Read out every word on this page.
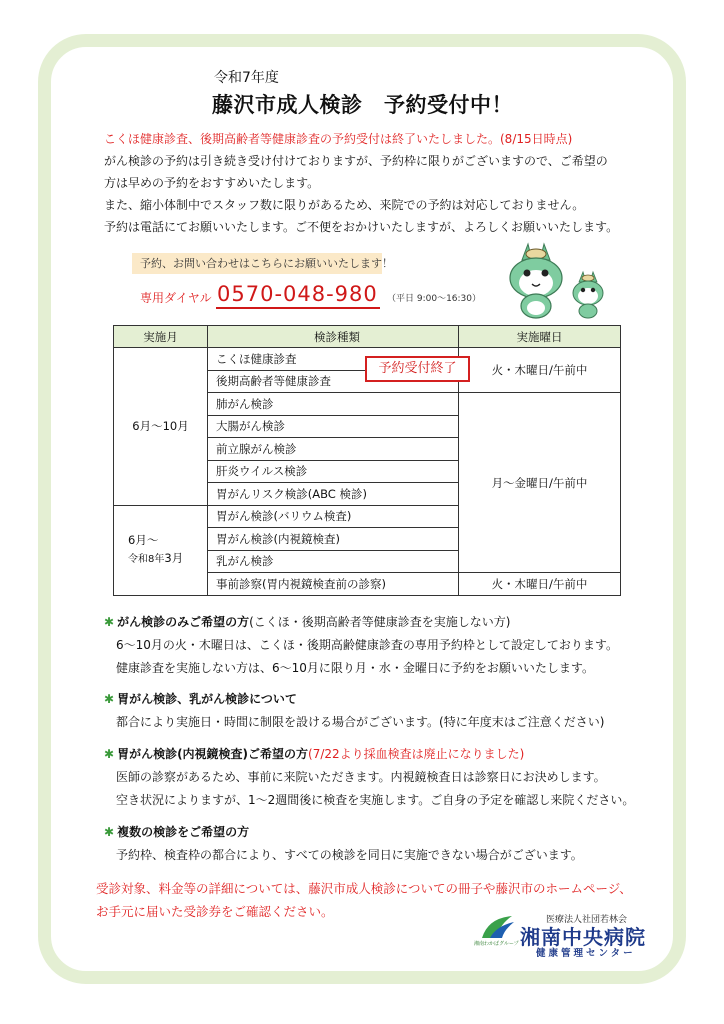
令和7年度
藤沢市成人検診　予約受付中！
こくほ健康診査、後期高齢者等健康診査の予約受付は終了いたしました。(8/15日時点)
がん検診の予約は引き続き受け付けておりますが、予約枠に限りがございますので、ご希望の
方は早めの予約をおすすめいたします。
また、縮小体制中でスタッフ数に限りがあるため、来院での予約は対応しておりません。
予約は電話にてお願いいたします。ご不便をおかけいたしますが、よろしくお願いいたします。
予約、お問い合わせはこちらにお願いいたします！
専用ダイヤル 0570-048-980 （平日 9:00～16:30）
実施月	検診種類	実施曜日
6月～10月	こくほ健康診査	火・木曜日/午前中
	後期高齢者等健康診査	
	肺がん検診	月～金曜日/午前中
	大腸がん検診	
	前立腺がん検診	
	肝炎ウイルス検診	
	胃がんリスク検診(ABC 検診)	

6月～
令和8年3月	胃がん検診(バリウム検査)	
	胃がん検診(内視鏡検査)	
	乳がん検診	
	事前診察(胃内視鏡検査前の診察)	火・木曜日/午前中
予約受付終了
✱ がん検診のみご希望の方(こくほ・後期高齢者等健康診査を実施しない方)
6～10月の火・木曜日は、こくほ・後期高齢健康診査の専用予約枠として設定しております。
健康診査を実施しない方は、6～10月に限り月・水・金曜日に予約をお願いいたします。
✱ 胃がん検診、乳がん検診について
都合により実施日・時間に制限を設ける場合がございます。(特に年度末はご注意ください)
✱ 胃がん検診(内視鏡検査)ご希望の方(7/22より採血検査は廃止になりました)
医師の診察があるため、事前に来院いただきます。内視鏡検査日は診察日にお決めします。
空き状況によりますが、1～2週間後に検査を実施します。ご自身の予定を確認し来院ください。
✱ 複数の検診をご希望の方
予約枠、検査枠の都合により、すべての検診を同日に実施できない場合がございます。
受診対象、料金等の詳細については、藤沢市成人検診についての冊子や藤沢市のホームページ、
お手元に届いた受診券をご確認ください。
湘南わかばグループ
医療法人社団若林会
湘南中央病院
健康管理センター
